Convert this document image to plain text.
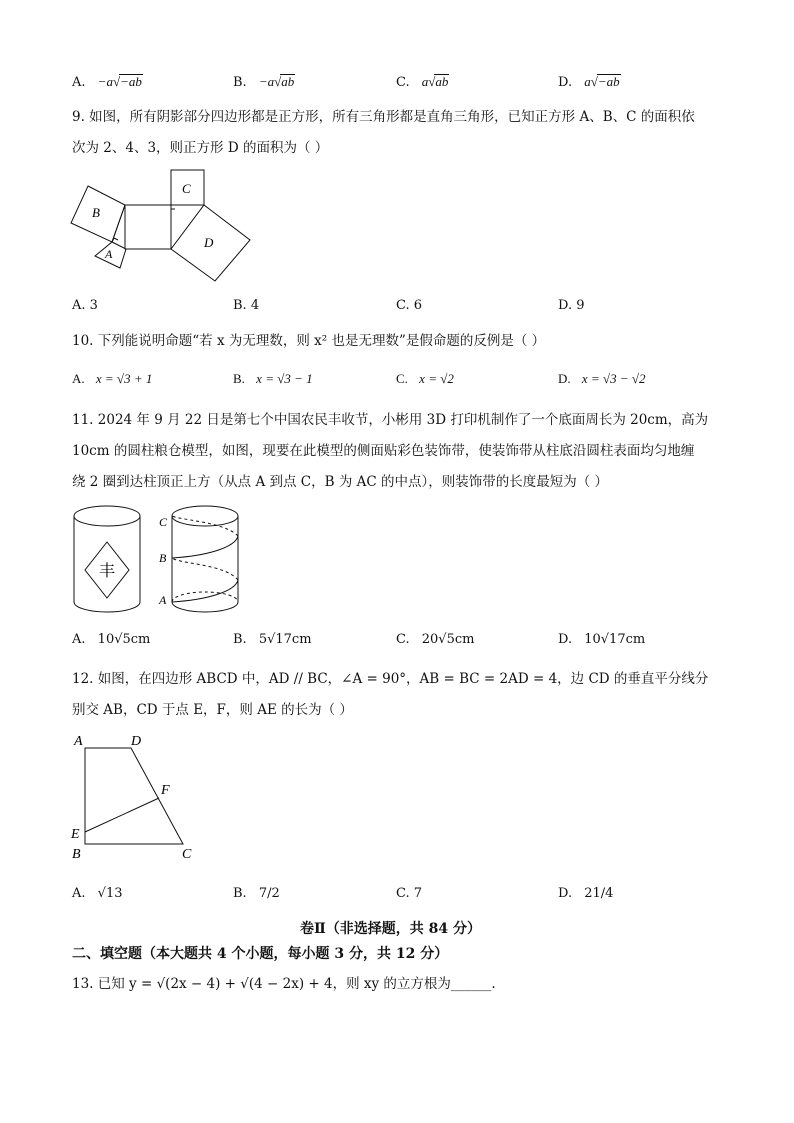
A. −a√−ab	B. −a√ab	C. a√ab	D. a√−ab
9. 如图，所有阴影部分四边形都是正方形，所有三角形都是直角三角形，已知正方形 A、B、C 的面积依
次为 2、4、3，则正方形 D 的面积为（ ）
B
A
C
D
A. 3	B. 4	C. 6	D. 9
10. 下列能说明命题“若 x 为无理数，则 x² 也是无理数”是假命题的反例是（ ）
A. x = √3 + 1	B. x = √3 − 1	C. x = √2	D. x = √3 − √2
11. 2024 年 9 月 22 日是第七个中国农民丰收节，小彬用 3D 打印机制作了一个底面周长为 20cm，高为
10cm 的圆柱粮仓模型，如图，现要在此模型的侧面贴彩色装饰带，使装饰带从柱底沿圆柱表面均匀地缠
绕 2 圈到达柱顶正上方（从点 A 到点 C，B 为 AC 的中点），则装饰带的长度最短为（ ）
丰
C
B
A
A. 10√5cm	B. 5√17cm	C. 20√5cm	D. 10√17cm
12. 如图，在四边形 ABCD 中，AD // BC，∠A = 90°，AB = BC = 2AD = 4，边 CD 的垂直平分线分
别交 AB，CD 于点 E，F，则 AE 的长为（ ）
A	D
F
E
B	C
A. √13	B. 7/2	C. 7	D. 21/4
卷Ⅱ（非选择题，共 84 分）
二、填空题（本大题共 4 个小题，每小题 3 分，共 12 分）
13. 已知 y = √(2x − 4) + √(4 − 2x) + 4，则 xy 的立方根为______.
